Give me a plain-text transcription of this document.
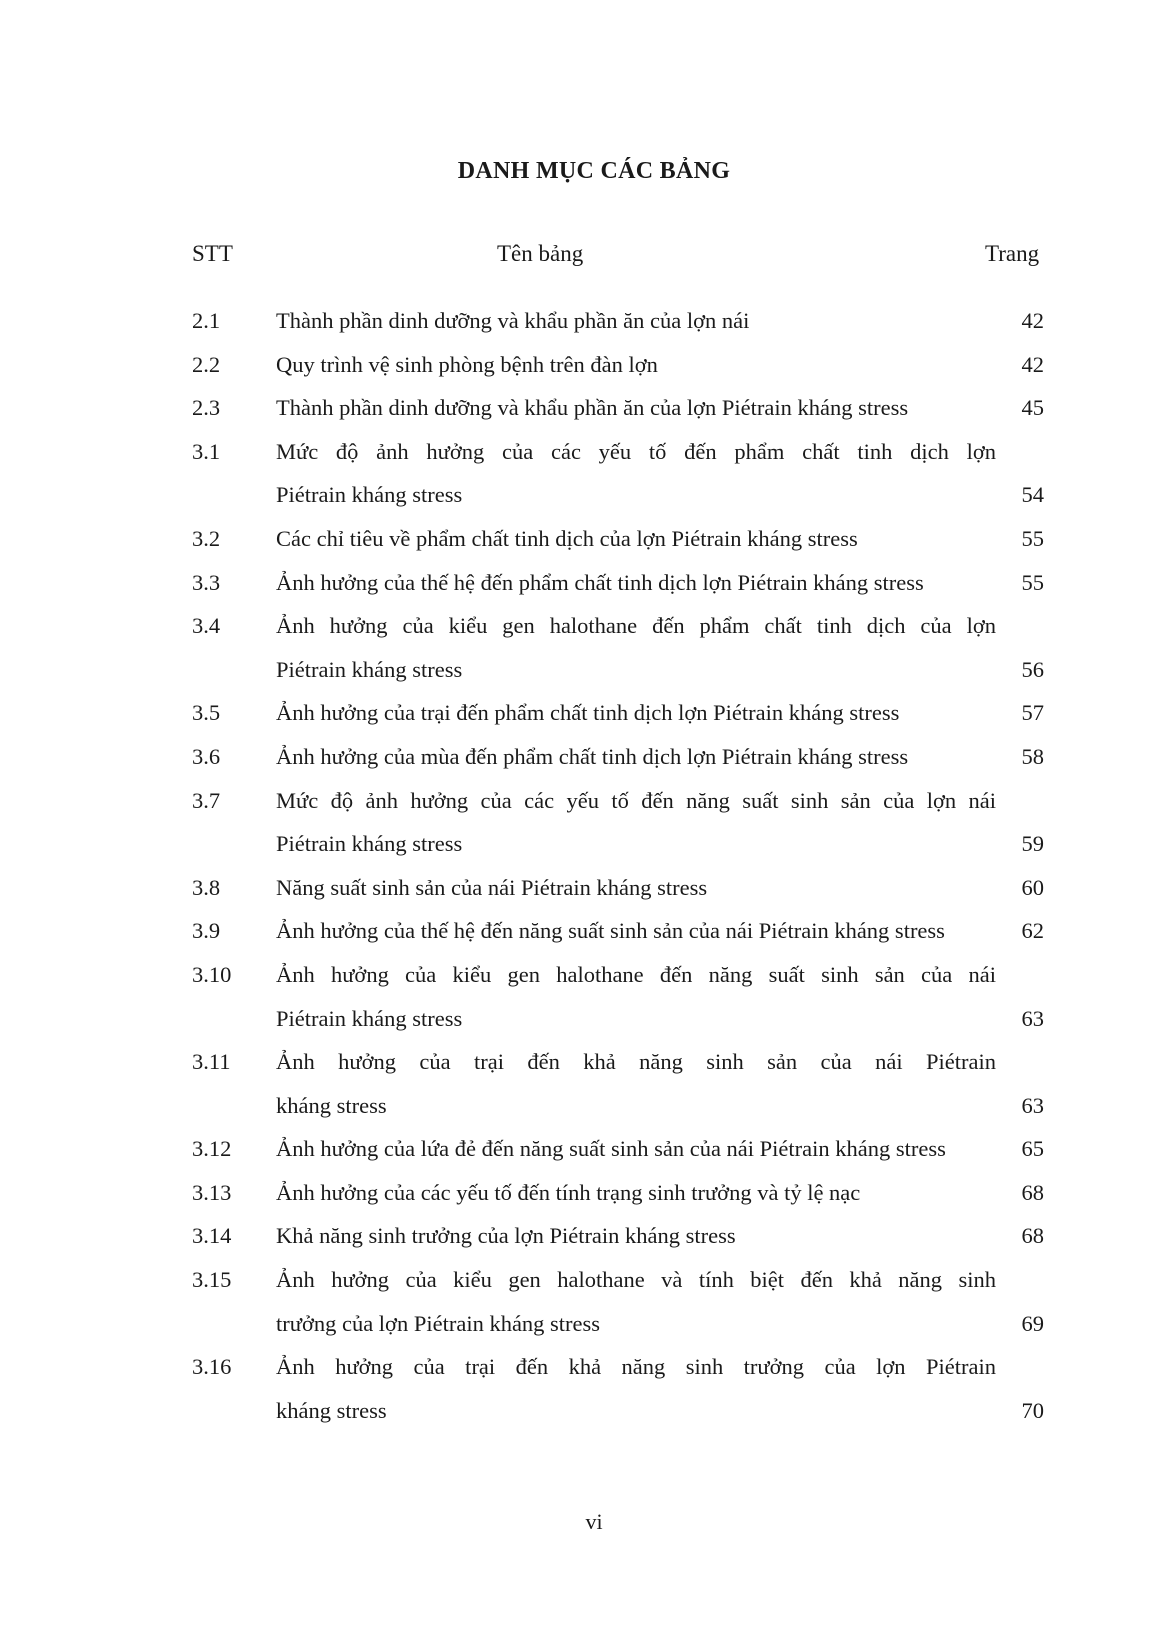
DANH MỤC CÁC BẢNG
STT	Tên bảng	Trang
2.1 Thành phần dinh dưỡng và khẩu phần ăn của lợn nái	42
2.2 Quy trình vệ sinh phòng bệnh trên đàn lợn	42
2.3 Thành phần dinh dưỡng và khẩu phần ăn của lợn Piétrain kháng stress	45
3.1 Mức độ ảnh hưởng của các yếu tố đến phẩm chất tinh dịch lợn
Piétrain kháng stress	54
3.2 Các chỉ tiêu về phẩm chất tinh dịch của lợn Piétrain kháng stress	55
3.3 Ảnh hưởng của thế hệ đến phẩm chất tinh dịch lợn Piétrain kháng stress	55
3.4 Ảnh hưởng của kiểu gen halothane đến phẩm chất tinh dịch của lợn
Piétrain kháng stress	56
3.5 Ảnh hưởng của trại đến phẩm chất tinh dịch lợn Piétrain kháng stress	57
3.6 Ảnh hưởng của mùa đến phẩm chất tinh dịch lợn Piétrain kháng stress	58
3.7 Mức độ ảnh hưởng của các yếu tố đến năng suất sinh sản của lợn nái
Piétrain kháng stress	59
3.8 Năng suất sinh sản của nái Piétrain kháng stress	60
3.9 Ảnh hưởng của thế hệ đến năng suất sinh sản của nái Piétrain kháng stress	62
3.10 Ảnh hưởng của kiểu gen halothane đến năng suất sinh sản của nái
Piétrain kháng stress	63
3.11 Ảnh hưởng của trại đến khả năng sinh sản của nái Piétrain
kháng stress	63
3.12 Ảnh hưởng của lứa đẻ đến năng suất sinh sản của nái Piétrain kháng stress	65
3.13 Ảnh hưởng của các yếu tố đến tính trạng sinh trưởng và tỷ lệ nạc	68
3.14 Khả năng sinh trưởng của lợn Piétrain kháng stress	68
3.15 Ảnh hưởng của kiểu gen halothane và tính biệt đến khả năng sinh
trưởng của lợn Piétrain kháng stress	69
3.16 Ảnh hưởng của trại đến khả năng sinh trưởng của lợn Piétrain
kháng stress	70
vi
